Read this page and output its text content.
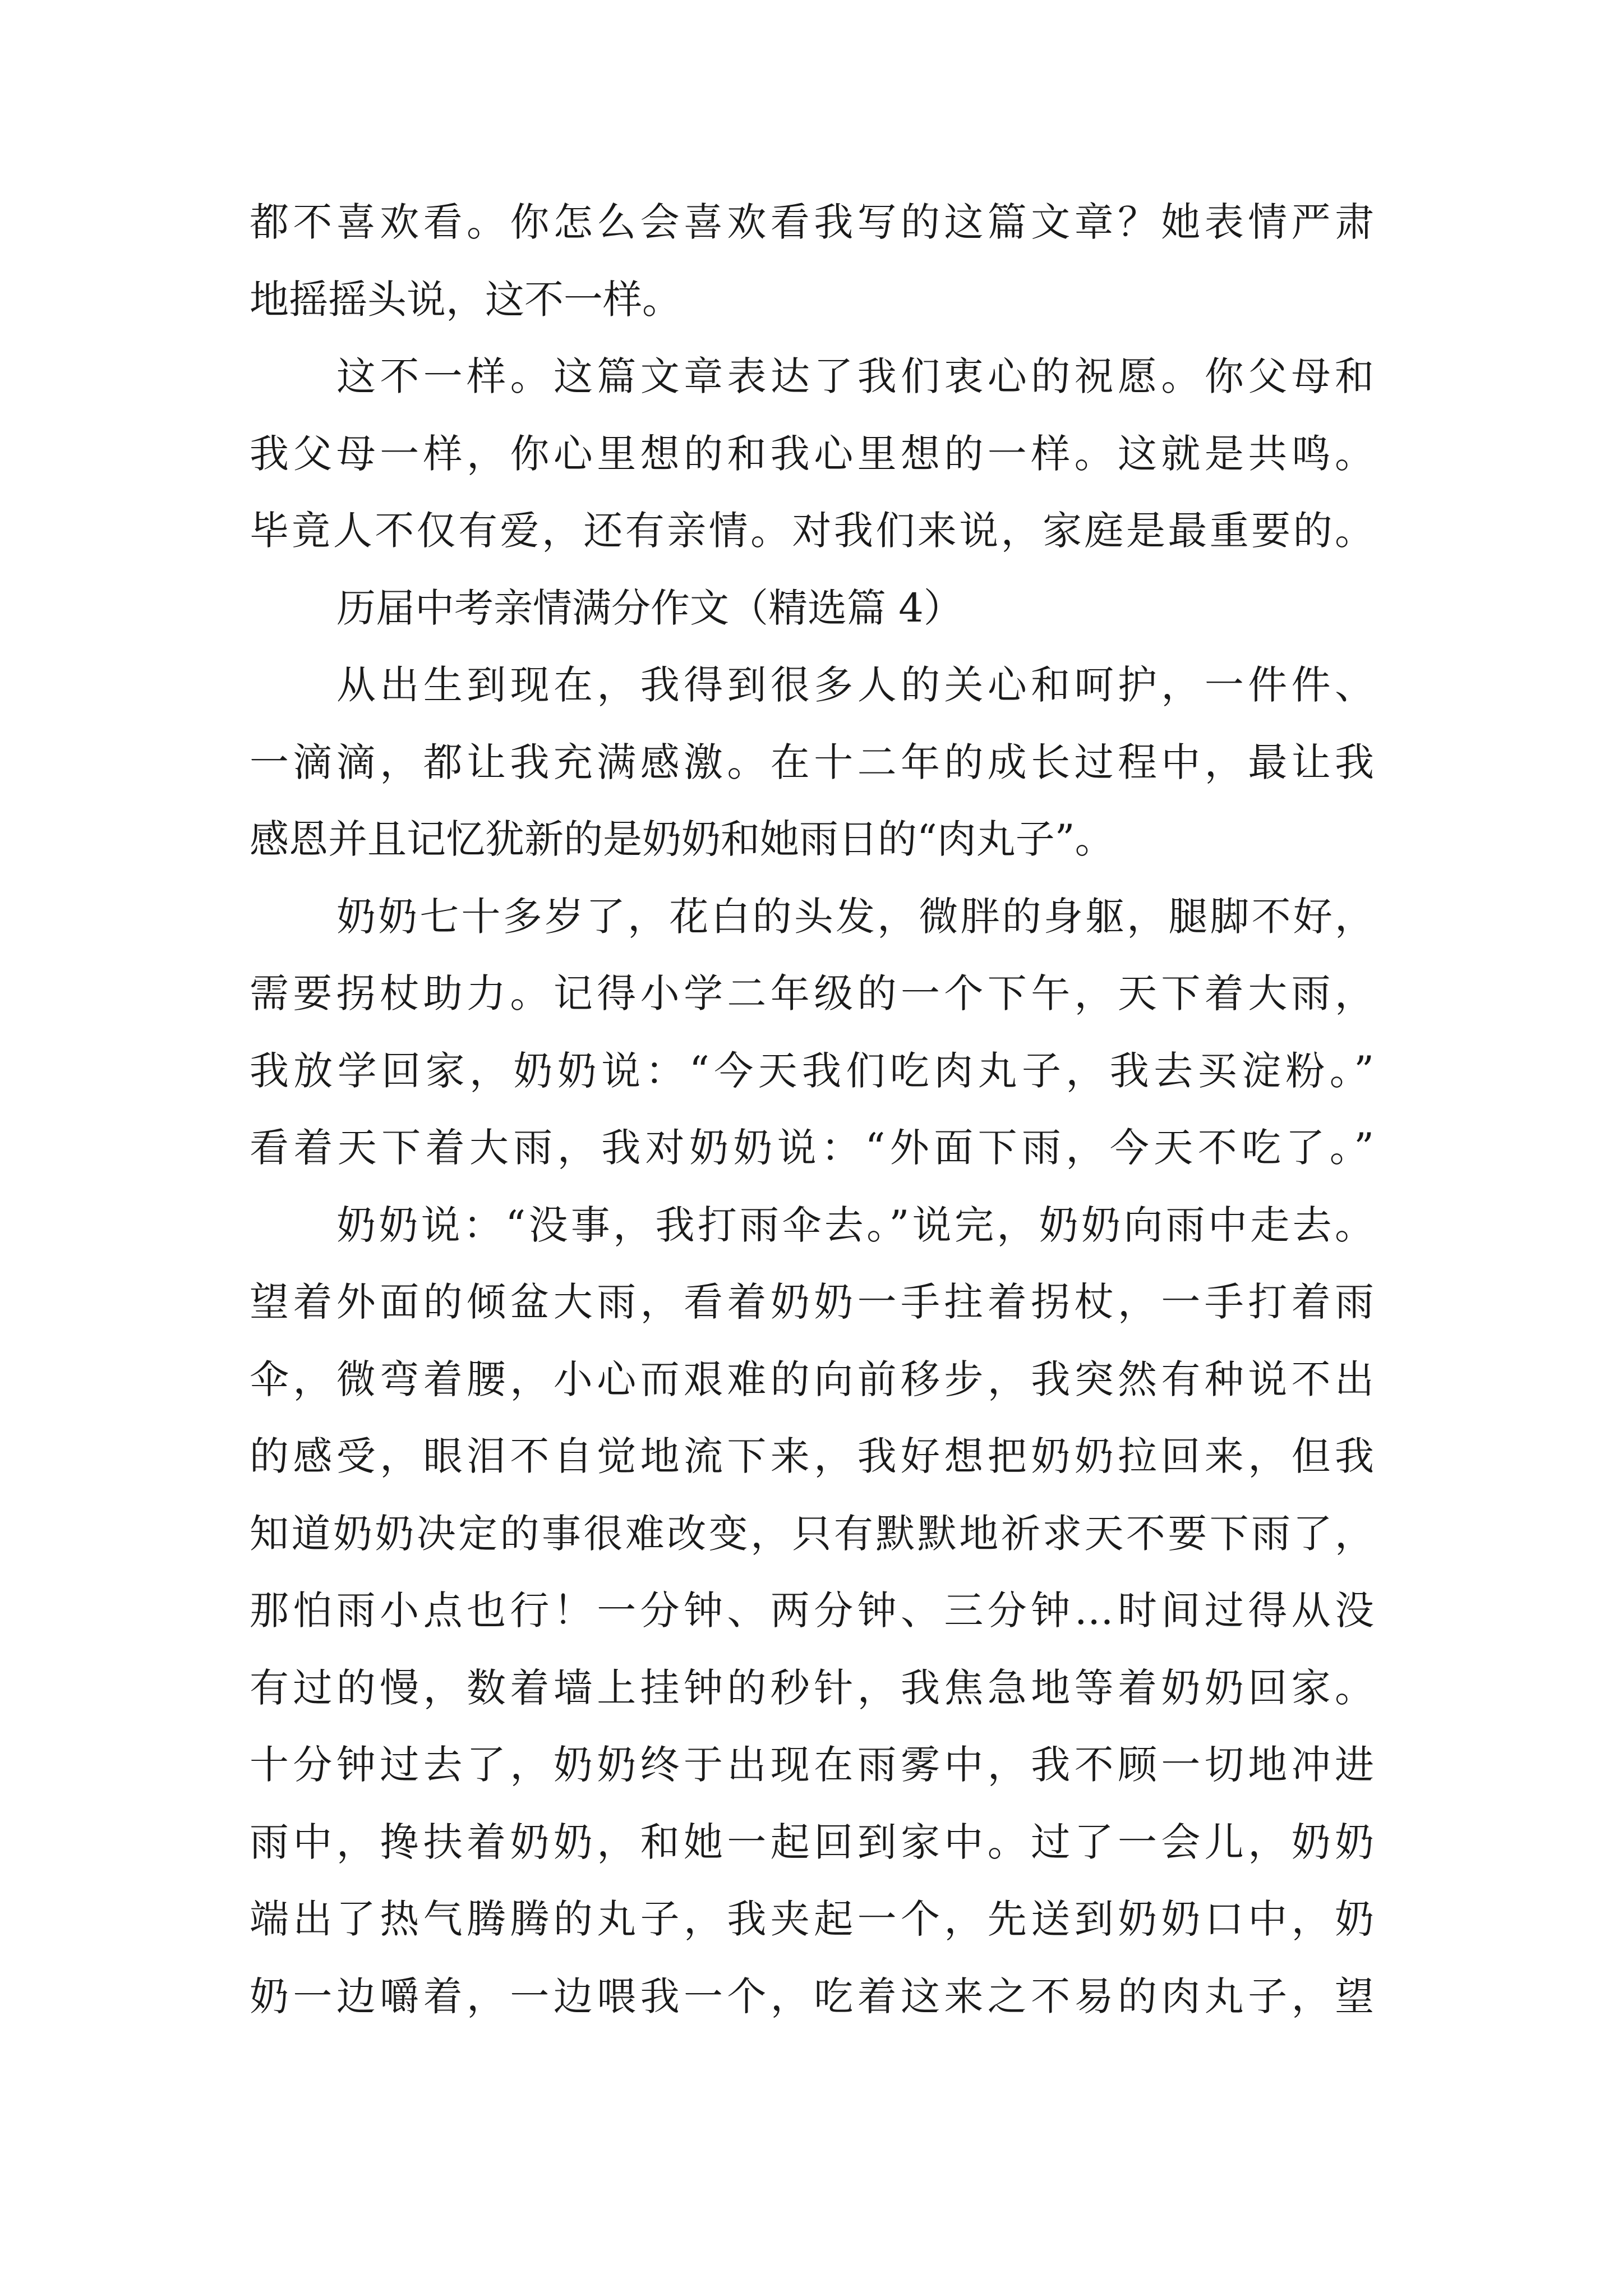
都不喜欢看。你怎么会喜欢看我写的这篇文章？她表情严肃
地摇摇头说，这不一样。
这不一样。这篇文章表达了我们衷心的祝愿。你父母和
我父母一样，你心里想的和我心里想的一样。这就是共鸣。
毕竟人不仅有爱，还有亲情。对我们来说，家庭是最重要的。
历届中考亲情满分作文（精选篇 4）
从出生到现在，我得到很多人的关心和呵护，一件件、
一滴滴，都让我充满感激。在十二年的成长过程中，最让我
感恩并且记忆犹新的是奶奶和她雨日的“肉丸子”。
奶奶七十多岁了，花白的头发，微胖的身躯，腿脚不好，
需要拐杖助力。记得小学二年级的一个下午，天下着大雨，
我放学回家，奶奶说：“今天我们吃肉丸子，我去买淀粉。”
看着天下着大雨，我对奶奶说：“外面下雨，今天不吃了。”
奶奶说：“没事，我打雨伞去。”说完，奶奶向雨中走去。
望着外面的倾盆大雨，看着奶奶一手拄着拐杖，一手打着雨
伞，微弯着腰，小心而艰难的向前移步，我突然有种说不出
的感受，眼泪不自觉地流下来，我好想把奶奶拉回来，但我
知道奶奶决定的事很难改变，只有默默地祈求天不要下雨了，
那怕雨小点也行！一分钟、两分钟、三分钟…时间过得从没
有过的慢，数着墙上挂钟的秒针，我焦急地等着奶奶回家。
十分钟过去了，奶奶终于出现在雨雾中，我不顾一切地冲进
雨中，搀扶着奶奶，和她一起回到家中。过了一会儿，奶奶
端出了热气腾腾的丸子，我夹起一个，先送到奶奶口中，奶
奶一边嚼着，一边喂我一个，吃着这来之不易的肉丸子，望
